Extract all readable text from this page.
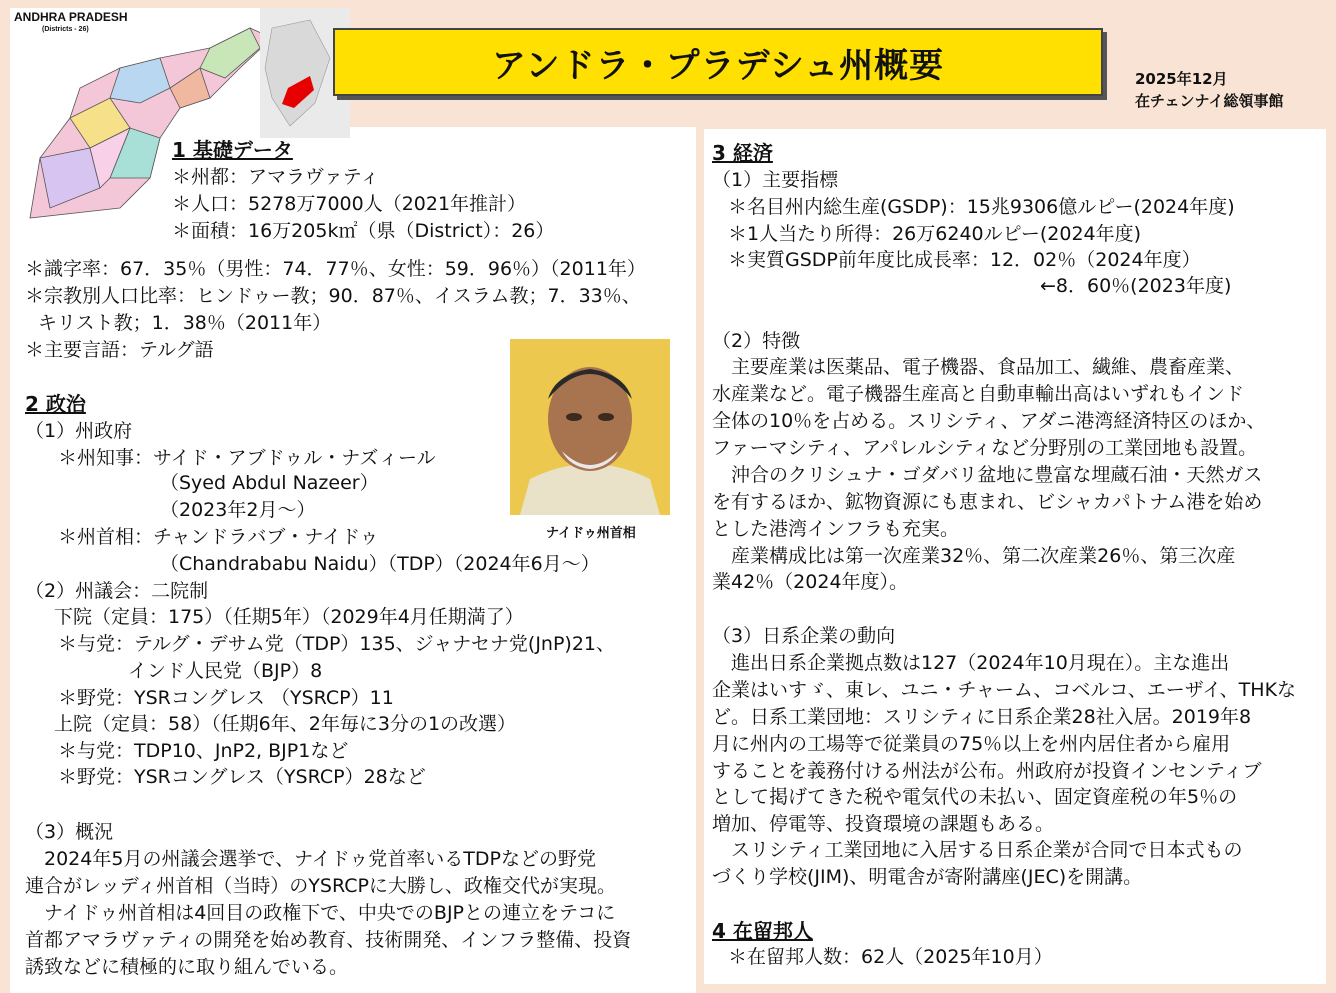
ANDHRA PRADESH
(Districts - 26)
アンドラ・プラデシュ州概要	2025年12月
在チェンナイ総領事館
1 基礎データ
＊州都：アマラヴァティ
＊人口：5278万7000人（2021年推計）
＊面積：16万205k㎡（県（District）：26）
＊識字率：67．35％（男性：74．77％、女性：59．96％）（2011年）
＊宗教別人口比率：ヒンドゥー教；90．87％、イスラム教；7．33％、
キリスト教；1．38％（2011年）
＊主要言語：テルグ語
2 政治
（1）州政府
＊州知事：サイド・アブドゥル・ナズィール
（Syed Abdul Nazeer）
（2023年2月～）
＊州首相：チャンドラバブ・ナイドゥ
（Chandrababu Naidu）（TDP）（2024年6月～）
（2）州議会：二院制
下院（定員：175）（任期5年）（2029年4月任期満了）
＊与党：テルグ・デサム党（TDP）135、ジャナセナ党(JnP)21、
インド人民党（BJP）8
＊野党：YSRコングレス （YSRCP）11
上院（定員：58）（任期6年、2年毎に3分の1の改選）
＊与党：TDP10、JnP2, BJP1など
＊野党：YSRコングレス（YSRCP）28など
（3）概況
　2024年5月の州議会選挙で、ナイドゥ党首率いるTDPなどの野党
連合がレッディ州首相（当時）のYSRCPに大勝し、政権交代が実現。
　ナイドゥ州首相は4回目の政権下で、中央でのBJPとの連立をテコに
首都アマラヴァティの開発を始め教育、技術開発、インフラ整備、投資
誘致などに積極的に取り組んでいる。
ナイドゥ州首相
3 経済
（1）主要指標
＊名目州内総生産(GSDP)：15兆9306億ルピー(2024年度)
＊1人当たり所得：26万6240ルピー(2024年度)
＊実質GSDP前年度比成長率：12．02％（2024年度）
←8．60％(2023年度)
（2）特徴
　主要産業は医薬品、電子機器、食品加工、繊維、農畜産業、
水産業など。電子機器生産高と自動車輸出高はいずれもインド
全体の10％を占める。スリシティ、アダニ港湾経済特区のほか、
ファーマシティ、アパレルシティなど分野別の工業団地も設置。
　沖合のクリシュナ・ゴダバリ盆地に豊富な埋蔵石油・天然ガス
を有するほか、鉱物資源にも恵まれ、ビシャカパトナム港を始め
とした港湾インフラも充実。
　産業構成比は第一次産業32％、第二次産業26％、第三次産
業42％（2024年度）。
（3）日系企業の動向
　進出日系企業拠点数は127（2024年10月現在）。主な進出
企業はいすゞ、東レ、ユニ・チャーム、コベルコ、エーザイ、THKな
ど。日系工業団地：スリシティに日系企業28社入居。2019年8
月に州内の工場等で従業員の75％以上を州内居住者から雇用
することを義務付ける州法が公布。州政府が投資インセンティブ
として掲げてきた税や電気代の未払い、固定資産税の年5％の
増加、停電等、投資環境の課題もある。
　スリシティ工業団地に入居する日系企業が合同で日本式もの
づくり学校(JIM)、明電舎が寄附講座(JEC)を開講。
4 在留邦人
＊在留邦人数：62人（2025年10月）
